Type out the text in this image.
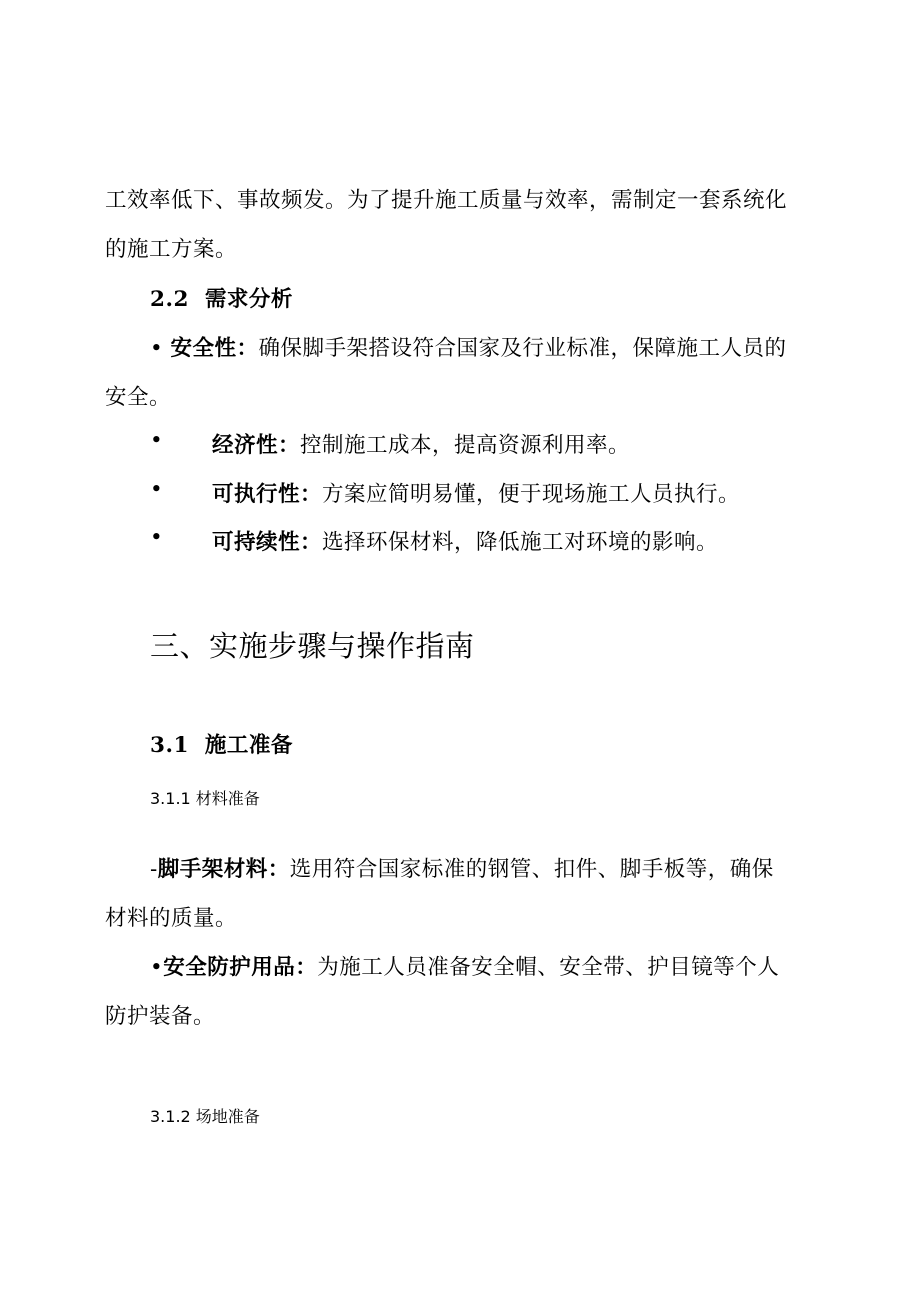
工效率低下、事故频发。为了提升施工质量与效率，需制定一套系统化
的施工方案。
2.2 需求分析
• 安全性：确保脚手架搭设符合国家及行业标准，保障施工人员的
安全。
• 经济性：控制施工成本，提高资源利用率。
• 可执行性：方案应简明易懂，便于现场施工人员执行。
• 可持续性：选择环保材料，降低施工对环境的影响。
三、实施步骤与操作指南
3.1 施工准备
3.1.1 材料准备
-脚手架材料：选用符合国家标准的钢管、扣件、脚手板等，确保
材料的质量。
•安全防护用品：为施工人员准备安全帽、安全带、护目镜等个人
防护装备。
3.1.2 场地准备
